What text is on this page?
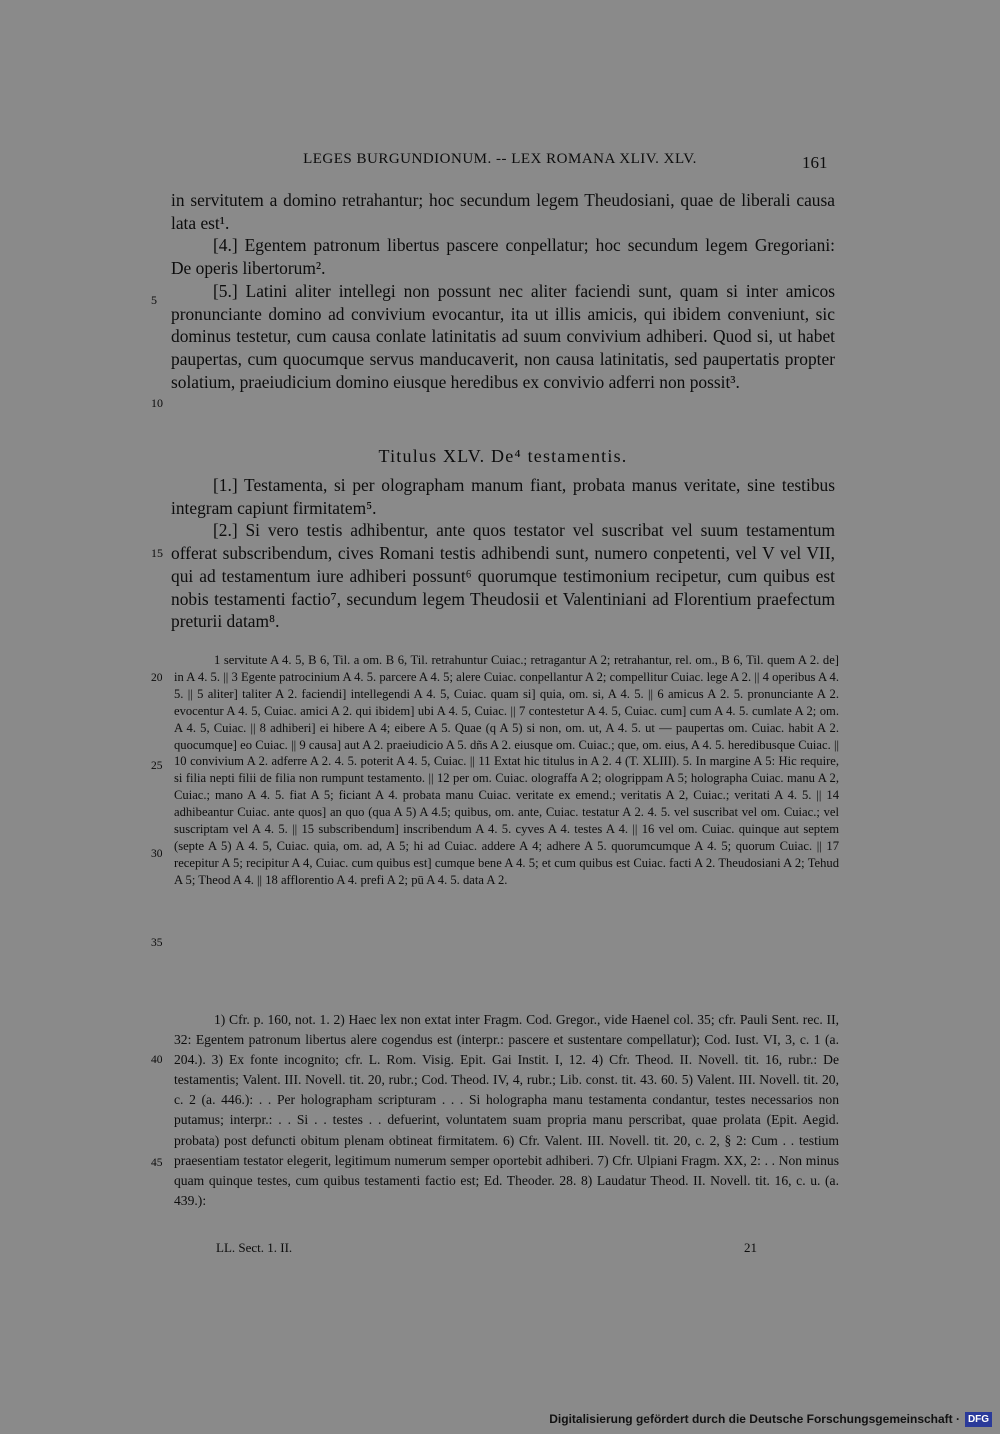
LEGES BURGUNDIONUM. -- LEX ROMANA XLIV. XLV.	161

in servitutem a domino retrahantur; hoc secundum legem Theudosiani, quae de liberali causa lata est¹.

[4.] Egentem patronum libertus pascere conpellatur; hoc secundum legem Gregoriani: De operis libertorum².

[5.] Latini aliter intellegi non possunt nec aliter faciendi sunt, quam si inter amicos pronunciante domino ad convivium evocantur, ita ut illis amicis, qui ibidem conveniunt, sic dominus testetur, cum causa conlate latinitatis ad suum convivium adhiberi. Quod si, ut habet paupertas, cum quocumque servus manducaverit, non causa latinitatis, sed paupertatis propter solatium, praeiudicium domino eiusque heredibus ex convivio adferri non possit³.

Titulus XLV. De⁴ testamentis.

[1.] Testamenta, si per olographam manum fiant, probata manus veritate, sine testibus integram capiunt firmitatem⁵.

[2.] Si vero testis adhibentur, ante quos testator vel suscribat vel suum testamentum offerat subscribendum, cives Romani testis adhibendi sunt, numero conpetenti, vel V vel VII, qui ad testamentum iure adhiberi possunt⁶ quorumque testimonium recipetur, cum quibus est nobis testamenti factio⁷, secundum legem Theudosii et Valentiniani ad Florentium praefectum preturii datam⁸.

5
10
15

1 servitute A 4. 5, B 6, Til. a om. B 6, Til. retrahuntur Cuiac.; retragantur A 2; retrahantur, rel. om., B 6, Til. quem A 2. de] in A 4. 5. || 3 Egente patrocinium A 4. 5. parcere A 4. 5; alere Cuiac. conpellantur A 2; compellitur Cuiac. lege A 2. || 4 operibus A 4. 5. || 5 aliter] taliter A 2. faciendi] intellegendi A 4. 5, Cuiac. quam si] quia, om. si, A 4. 5. || 6 amicus A 2. 5. pronunciante A 2. evocentur A 4. 5, Cuiac. amici A 2. qui ibidem] ubi A 4. 5, Cuiac. || 7 contestetur A 4. 5, Cuiac. cum] cum A 4. 5. cumlate A 2; om. A 4. 5, Cuiac. || 8 adhiberi] ei hibere A 4; eibere A 5. Quae (q A 5) si non, om. ut, A 4. 5. ut — paupertas om. Cuiac. habit A 2. quocumque] eo Cuiac. || 9 causa] aut A 2. praeiudicio A 5. dñs A 2. eiusque om. Cuiac.; que, om. eius, A 4. 5. heredibusque Cuiac. || 10 convivium A 2. adferre A 2. 4. 5. poterit A 4. 5, Cuiac. || 11 Extat hic titulus in A 2. 4 (T. XLIII). 5. In margine A 5: Hic require, si filia nepti filii de filia non rumpunt testamento. || 12 per om. Cuiac. olograffa A 2; ologrippam A 5; holographa Cuiac. manu A 2, Cuiac.; mano A 4. 5. fiat A 5; ficiant A 4. probata manu Cuiac. veritate ex emend.; veritatis A 2, Cuiac.; veritati A 4. 5. || 14 adhibeantur Cuiac. ante quos] an quo (qua A 5) A 4.5; quibus, om. ante, Cuiac. testatur A 2. 4. 5. vel suscribat vel om. Cuiac.; vel suscriptam vel A 4. 5. || 15 subscribendum] inscribendum A 4. 5. cyves A 4. testes A 4. || 16 vel om. Cuiac. quinque aut septem (septe A 5) A 4. 5, Cuiac. quia, om. ad, A 5; hi ad Cuiac. addere A 4; adhere A 5. quorumcumque A 4. 5; quorum Cuiac. || 17 recepitur A 5; recipitur A 4, Cuiac. cum quibus est] cumque bene A 4. 5; et cum quibus est Cuiac. facti A 2. Theudosiani A 2; Tehud A 5; Theod A 4. || 18 afflorentio A 4. prefi A 2; pū A 4. 5. data A 2.

20
25
30
35

1) Cfr. p. 160, not. 1. 2) Haec lex non extat inter Fragm. Cod. Gregor., vide Haenel col. 35; cfr. Pauli Sent. rec. II, 32: Egentem patronum libertus alere cogendus est (interpr.: pascere et sustentare compellatur); Cod. Iust. VI, 3, c. 1 (a. 204.). 3) Ex fonte incognito; cfr. L. Rom. Visig. Epit. Gai Instit. I, 12. 4) Cfr. Theod. II. Novell. tit. 16, rubr.: De testamentis; Valent. III. Novell. tit. 20, rubr.; Cod. Theod. IV, 4, rubr.; Lib. const. tit. 43. 60. 5) Valent. III. Novell. tit. 20, c. 2 (a. 446.): . . Per holographam scripturam . . . Si holographa manu testamenta condantur, testes necessarios non putamus; interpr.: . . Si . . testes . . defuerint, voluntatem suam propria manu perscribat, quae prolata (Epit. Aegid. probata) post defuncti obitum plenam obtineat firmitatem. 6) Cfr. Valent. III. Novell. tit. 20, c. 2, § 2: Cum . . testium praesentiam testator elegerit, legitimum numerum semper oportebit adhiberi. 7) Cfr. Ulpiani Fragm. XX, 2: . . Non minus quam quinque testes, cum quibus testamenti factio est; Ed. Theoder. 28. 8) Laudatur Theod. II. Novell. tit. 16, c. u. (a. 439.):

40
45
LL. Sect. 1. II.	21
Digitalisierung gefördert durch die Deutsche Forschungsgemeinschaft · DFG
